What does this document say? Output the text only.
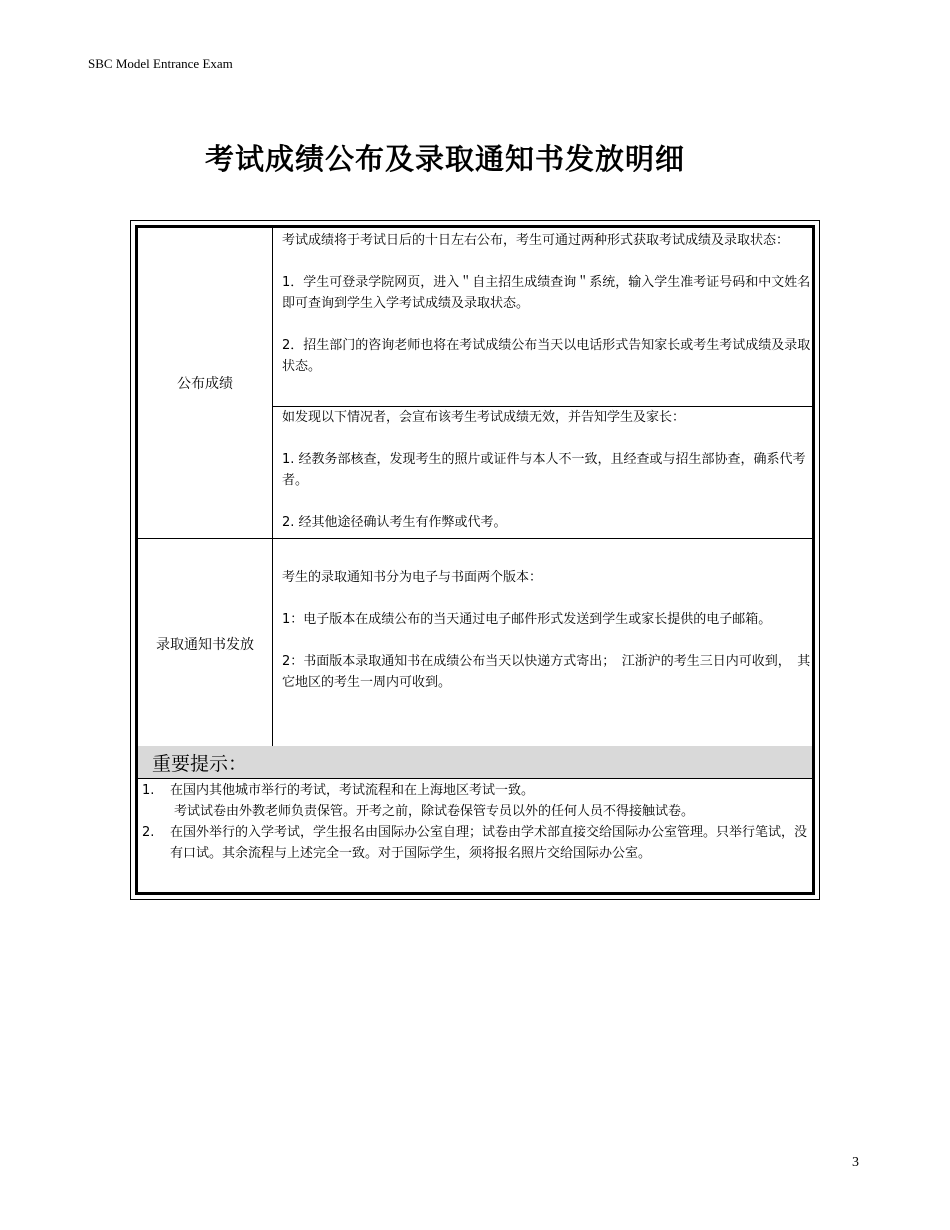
SBC Model Entrance Exam
考试成绩公布及录取通知书发放明细
公布成绩

考试成绩将于考试日后的十日左右公布，考生可通过两种形式获取考试成绩及录取状态：

1．学生可登录学院网页，进入＂自主招生成绩查询＂系统，输入学生准考证号码和中文姓名即可查询到学生入学考试成绩及录取状态。

2．招生部门的咨询老师也将在考试成绩公布当天以电话形式告知家长或考生考试成绩及录取状态。

如发现以下情况者，会宣布该考生考试成绩无效，并告知学生及家长：

1. 经教务部核查，发现考生的照片或证件与本人不一致，且经查或与招生部协查，确系代考者。

2. 经其他途径确认考生有作弊或代考。

录取通知书发放

考生的录取通知书分为电子与书面两个版本：

1：电子版本在成绩公布的当天通过电子邮件形式发送到学生或家长提供的电子邮箱。

2：书面版本录取通知书在成绩公布当天以快递方式寄出；　江浙沪的考生三日内可收到，　其它地区的考生一周内可收到。

重要提示：
1. 在国内其他城市举行的考试，考试流程和在上海地区考试一致。
考试试卷由外教老师负责保管。开考之前，除试卷保管专员以外的任何人员不得接触试卷。
2. 在国外举行的入学考试，学生报名由国际办公室自理；试卷由学术部直接交给国际办公室管理。只举行笔试，没有口试。其余流程与上述完全一致。对于国际学生，须将报名照片交给国际办公室。
3
